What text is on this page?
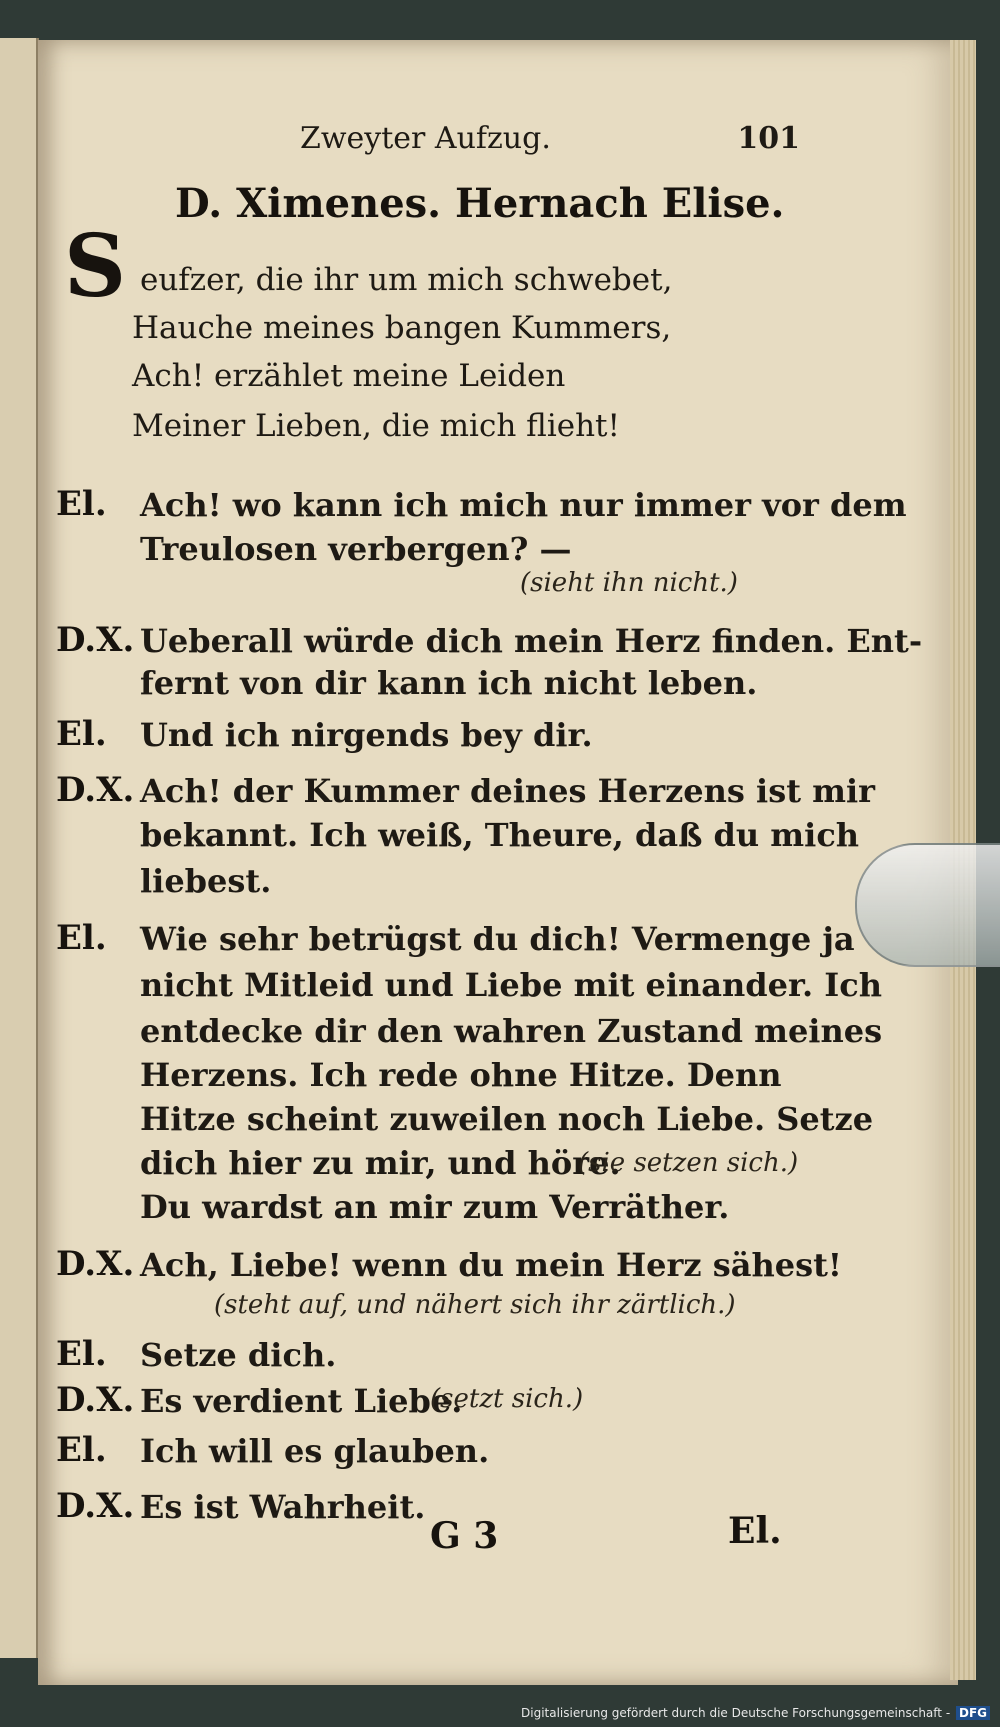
Zweyter Aufzug.	101
D. Ximenes. Hernach Elise.
S eufzer, die ihr um mich schwebet,
Hauche meines bangen Kummers,
Ach! erzählet meine Leiden
Meiner Lieben, die mich flieht!
El. Ach! wo kann ich mich nur immer vor dem
Treulosen verbergen? —
(sieht ihn nicht.)
D.X. Ueberall würde dich mein Herz finden. Ent-
fernt von dir kann ich nicht leben.
El. Und ich nirgends bey dir.
D.X. Ach! der Kummer deines Herzens ist mir
bekannt. Ich weiß, Theure, daß du mich
liebest.
El. Wie sehr betrügst du dich! Vermenge ja
nicht Mitleid und Liebe mit einander. Ich
entdecke dir den wahren Zustand meines
Herzens. Ich rede ohne Hitze. Denn
Hitze scheint zuweilen noch Liebe. Setze
dich hier zu mir, und höre.
(sie setzen sich.)
Du wardst an mir zum Verräther.
D.X. Ach, Liebe! wenn du mein Herz sähest!
(steht auf, und nähert sich ihr zärtlich.)
El. Setze dich.
D.X. Es verdient Liebe.
(setzt sich.)
El. Ich will es glauben.
D.X. Es ist Wahrheit.
G 3	El.
Digitalisierung gefördert durch die Deutsche Forschungsgemeinschaft - DFG
